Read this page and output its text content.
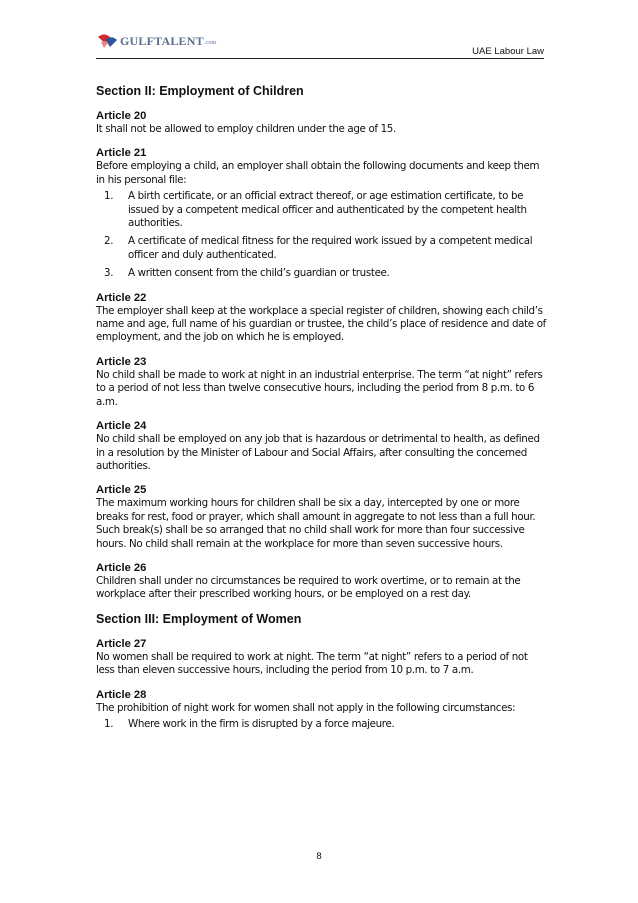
GULFTALENT.com
UAE Labour Law
Section II: Employment of Children
Article 20

It shall not be allowed to employ children under the age of 15.

Article 21

Before employing a child, an employer shall obtain the following documents and keep them in his personal file:

1. A birth certificate, or an official extract thereof, or age estimation certificate, to be issued by a competent medical officer and authenticated by the competent health authorities.
2. A certificate of medical fitness for the required work issued by a competent medical officer and duly authenticated.
3. A written consent from the child’s guardian or trustee.
Article 22

The employer shall keep at the workplace a special register of children, showing each child’s name and age, full name of his guardian or trustee, the child’s place of residence and date of employment, and the job on which he is employed.

Article 23

No child shall be made to work at night in an industrial enterprise. The term “at night” refers to a period of not less than twelve consecutive hours, including the period from 8 p.m. to 6 a.m.

Article 24

No child shall be employed on any job that is hazardous or detrimental to health, as defined in a resolution by the Minister of Labour and Social Affairs, after consulting the concerned authorities.

Article 25

The maximum working hours for children shall be six a day, intercepted by one or more breaks for rest, food or prayer, which shall amount in aggregate to not less than a full hour. Such break(s) shall be so arranged that no child shall work for more than four successive hours. No child shall remain at the workplace for more than seven successive hours.

Article 26

Children shall under no circumstances be required to work overtime, or to remain at the workplace after their prescribed working hours, or be employed on a rest day.

Section III: Employment of Women
Article 27

No women shall be required to work at night. The term “at night” refers to a period of not less than eleven successive hours, including the period from 10 p.m. to 7 a.m.

Article 28

The prohibition of night work for women shall not apply in the following circumstances:

1. Where work in the firm is disrupted by a force majeure.
8
